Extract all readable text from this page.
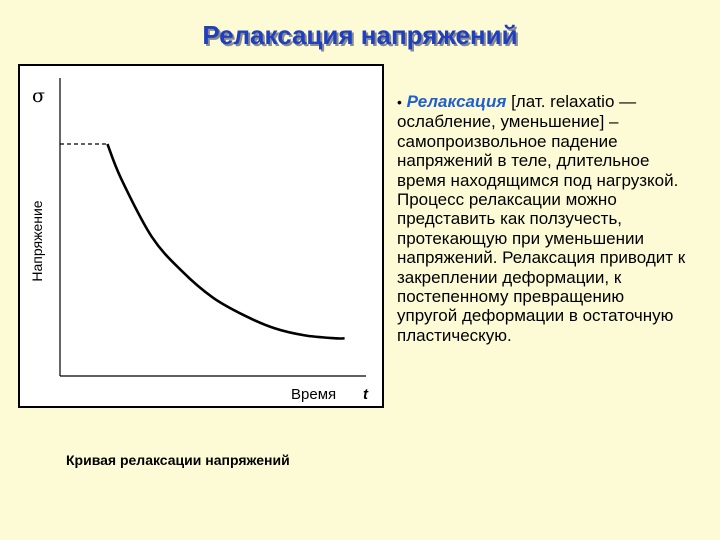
Релаксация напряжений
σ
Напряжение
Время t
Кривая релаксации напряжений
• Релаксация [лат. relaxatio — ослабление, уменьшение] –самопроизвольное падение напряжений в теле, длительное время находящимся под нагрузкой. Процесс релаксации можно представить как ползучесть, протекающую при уменьшении напряжений. Релаксация приводит к закреплении деформации, к постепенному превращению упругой деформации в остаточную пластическую.
